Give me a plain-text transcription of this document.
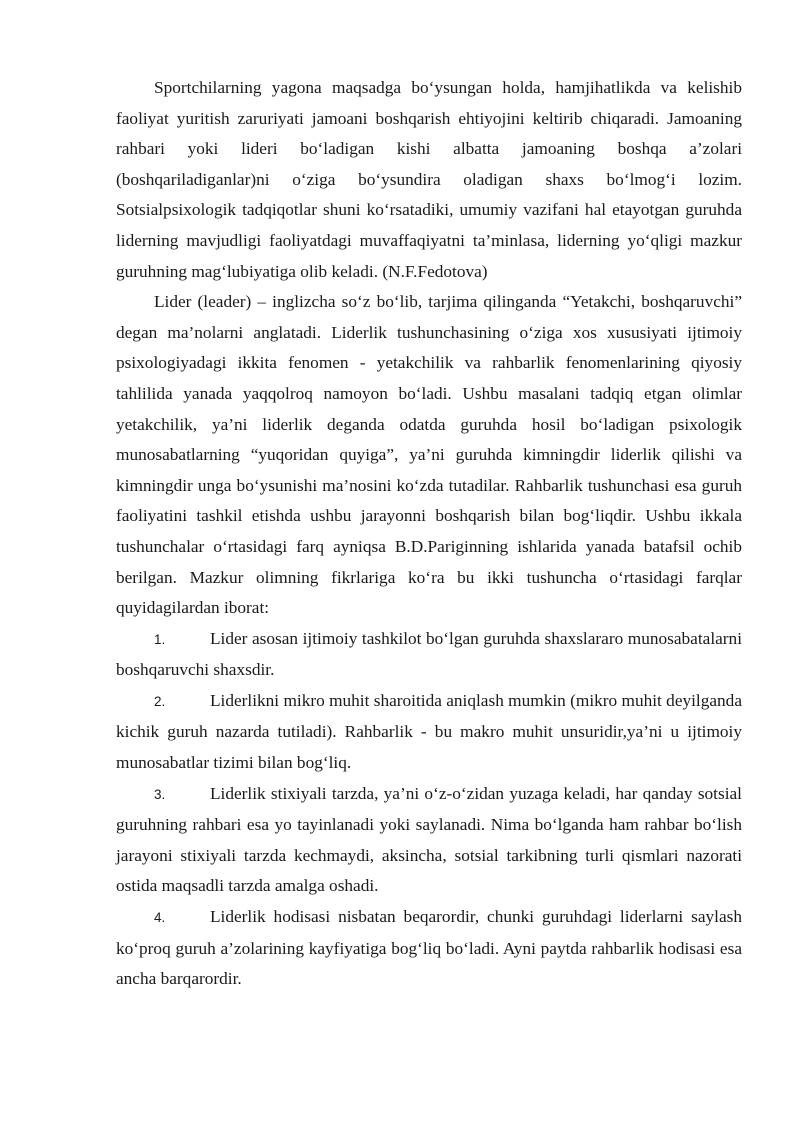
Sportchilarning yagona maqsadga bo‘ysungan holda, hamjihatlikda va kelishib faoliyat yuritish zaruriyati jamoani boshqarish ehtiyojini keltirib chiqaradi. Jamoaning rahbari yoki lideri bo‘ladigan kishi albatta jamoaning boshqa a’zolari (boshqariladiganlar)ni o‘ziga bo‘ysundira oladigan shaxs bo‘lmog‘i lozim. Sotsialpsixologik tadqiqotlar shuni ko‘rsatadiki, umumiy vazifani hal etayotgan guruhda liderning mavjudligi faoliyatdagi muvaffaqiyatni ta’minlasa, liderning yo‘qligi mazkur guruhning mag‘lubiyatiga olib keladi. (N.F.Fedotova)

Lider (leader) – inglizcha so‘z bo‘lib, tarjima qilinganda “Yetakchi, boshqaruvchi” degan ma’nolarni anglatadi. Liderlik tushunchasining o‘ziga xos xususiyati ijtimoiy psixologiyadagi ikkita fenomen - yetakchilik va rahbarlik fenomenlarining qiyosiy tahlilida yanada yaqqolroq namoyon bo‘ladi. Ushbu masalani tadqiq etgan olimlar yetakchilik, ya’ni liderlik deganda odatda guruhda hosil bo‘ladigan psixologik munosabatlarning “yuqoridan quyiga”, ya’ni guruhda kimningdir liderlik qilishi va kimningdir unga bo‘ysunishi ma’nosini ko‘zda tutadilar. Rahbarlik tushunchasi esa guruh faoliyatini tashkil etishda ushbu jarayonni boshqarish bilan bog‘liqdir. Ushbu ikkala tushunchalar o‘rtasidagi farq ayniqsa B.D.Pariginning ishlarida yanada batafsil ochib berilgan. Mazkur olimning fikrlariga ko‘ra bu ikki tushuncha o‘rtasidagi farqlar quyidagilardan iborat:

1.	Lider asosan ijtimoiy tashkilot bo‘lgan guruhda shaxslararo munosabatalarni boshqaruvchi shaxsdir.

2.	Liderlikni mikro muhit sharoitida aniqlash mumkin (mikro muhit deyilganda kichik guruh nazarda tutiladi). Rahbarlik - bu makro muhit unsuridir,ya’ni u ijtimoiy munosabatlar tizimi bilan bog‘liq.

3.	Liderlik stixiyali tarzda, ya’ni o‘z-o‘zidan yuzaga keladi, har qanday sotsial guruhning rahbari esa yo tayinlanadi yoki saylanadi. Nima bo‘lganda ham rahbar bo‘lish jarayoni stixiyali tarzda kechmaydi, aksincha, sotsial tarkibning turli qismlari nazorati ostida maqsadli tarzda amalga oshadi.

4.	Liderlik hodisasi nisbatan beqarordir, chunki guruhdagi liderlarni saylash ko‘proq guruh a’zolarining kayfiyatiga bog‘liq bo‘ladi. Ayni paytda rahbarlik hodisasi esa ancha barqarordir.
